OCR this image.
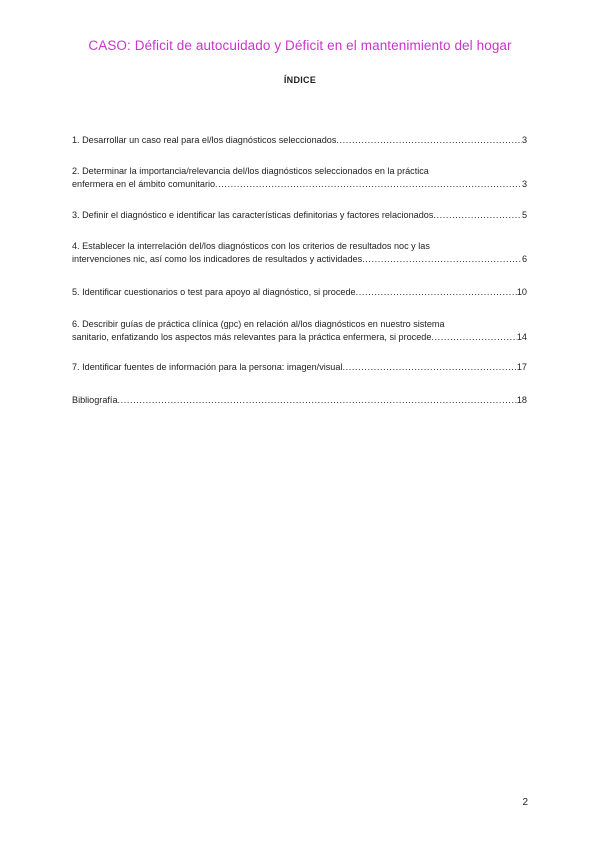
CASO: Déficit de autocuidado y Déficit en el mantenimiento del hogar
ÍNDICE
1. Desarrollar un caso real para el/los diagnósticos seleccionados .....	3
2. Determinar la importancia/relevancia del/los diagnósticos seleccionados en la práctica
enfermera en el ámbito comunitario .....	3
3. Definir el diagnóstico e identificar las características definitorias y factores relacionados .....	5
4. Establecer la interrelación del/los diagnósticos con los criterios de resultados noc y las
intervenciones nic, así como los indicadores de resultados y actividades .....	6
5. Identificar cuestionarios o test para apoyo al diagnóstico, si procede .....	10
6. Describir guías de práctica clínica (gpc) en relación al/los diagnósticos en nuestro sistema
sanitario, enfatizando los aspectos más relevantes para la práctica enfermera, si procede .....	14
7. Identificar fuentes de información para la persona: imagen/visual .....	17
Bibliografía .....	18
2
